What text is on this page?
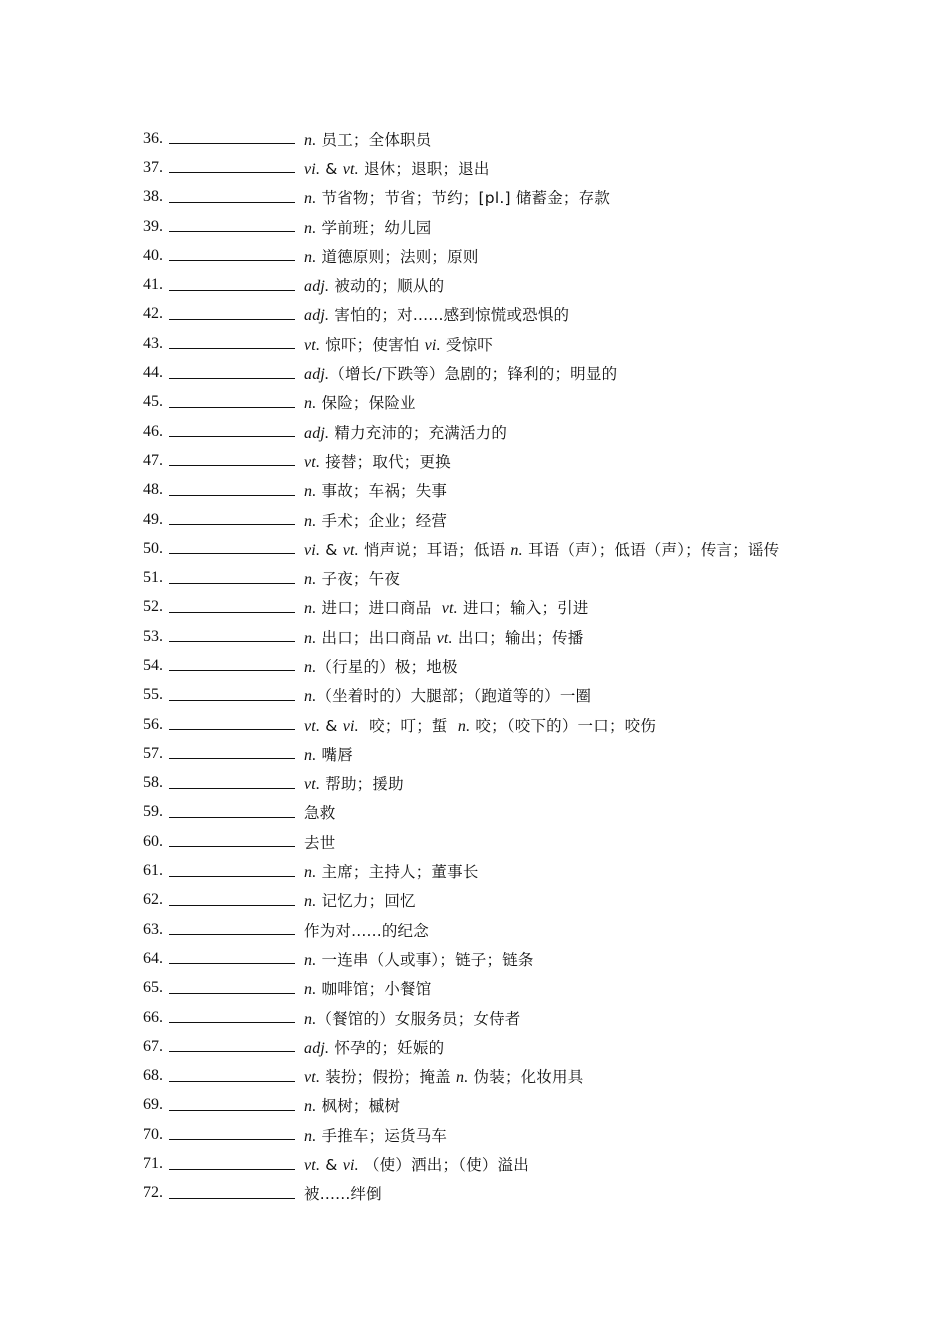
36.	n. 员工；全体职员
37.	vi. & vt. 退休；退职；退出
38.	n. 节省物；节省；节约；[pl.] 储蓄金；存款
39.	n. 学前班；幼儿园
40.	n. 道德原则；法则；原则
41.	adj. 被动的；顺从的
42.	adj. 害怕的；对......感到惊慌或恐惧的
43.	vt. 惊吓；使害怕 vi. 受惊吓
44.	adj.（增长/下跌等）急剧的；锋利的；明显的
45.	n. 保险；保险业
46.	adj. 精力充沛的；充满活力的
47.	vt. 接替；取代；更换
48.	n. 事故；车祸；失事
49.	n. 手术；企业；经营
50.	vi. & vt. 悄声说；耳语；低语 n. 耳语（声）；低语（声）；传言；谣传
51.	n. 子夜；午夜
52.	n. 进口；进口商品  vt. 进口；输入；引进
53.	n. 出口；出口商品 vt. 出口；输出；传播
54.	n.（行星的）极；地极
55.	n.（坐着时的）大腿部；（跑道等的）一圈
56.	vt. & vi.  咬；叮；蜇  n. 咬；（咬下的）一口；咬伤
57.	n. 嘴唇
58.	vt. 帮助；援助
59.	急救
60.	去世
61.	n. 主席；主持人；董事长
62.	n. 记忆力；回忆
63.	作为对......的纪念
64.	n. 一连串（人或事）；链子；链条
65.	n. 咖啡馆；小餐馆
66.	n.（餐馆的）女服务员；女侍者
67.	adj. 怀孕的；妊娠的
68.	vt. 装扮；假扮；掩盖 n. 伪装；化妆用具
69.	n. 枫树；槭树
70.	n. 手推车；运货马车
71.	vt. & vi. （使）洒出；（使）溢出
72.	被......绊倒
